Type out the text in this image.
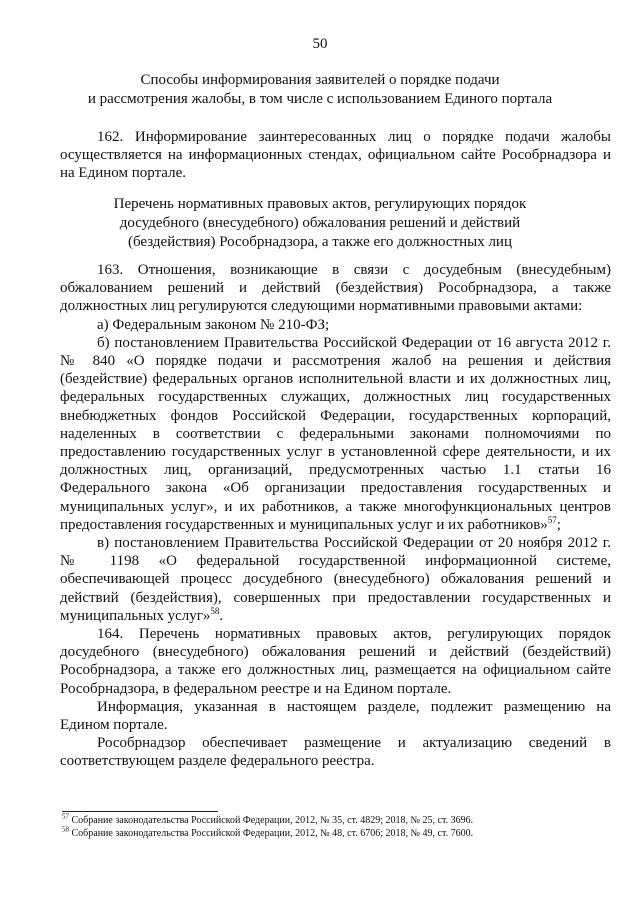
50
Способы информирования заявителей о порядке подачи
и рассмотрения жалобы, в том числе с использованием Единого портала

162. Информирование заинтересованных лиц о порядке подачи жалобы осуществляется на информационных стендах, официальном сайте Рособрнадзора и на Едином портале.

Перечень нормативных правовых актов, регулирующих порядок
досудебного (внесудебного) обжалования решений и действий
(бездействия) Рособрнадзора, а также его должностных лиц

163. Отношения, возникающие в связи с досудебным (внесудебным) обжалованием решений и действий (бездействия) Рособрнадзора, а также должностных лиц регулируются следующими нормативными правовыми актами:

а) Федеральным законом № 210-ФЗ;

б) постановлением Правительства Российской Федерации от 16 августа 2012 г. № 840 «О порядке подачи и рассмотрения жалоб на решения и действия (бездействие) федеральных органов исполнительной власти и их должностных лиц, федеральных государственных служащих, должностных лиц государственных внебюджетных фондов Российской Федерации, государственных корпораций, наделенных в соответствии с федеральными законами полномочиями по предоставлению государственных услуг в установленной сфере деятельности, и их должностных лиц, организаций, предусмотренных частью 1.1 статьи 16 Федерального закона «Об организации предоставления государственных и муниципальных услуг», и их работников, а также многофункциональных центров предоставления государственных и муниципальных услуг и их работников»$^{57}$;

в) постановлением Правительства Российской Федерации от 20 ноября 2012 г. № 1198 «О федеральной государственной информационной системе, обеспечивающей процесс досудебного (внесудебного) обжалования решений и действий (бездействия), совершенных при предоставлении государственных и муниципальных услуг»$^{58}$.

164. Перечень нормативных правовых актов, регулирующих порядок досудебного (внесудебного) обжалования решений и действий (бездействий) Рособрнадзора, а также его должностных лиц, размещается на официальном сайте Рособрнадзора, в федеральном реестре и на Едином портале.

Информация, указанная в настоящем разделе, подлежит размещению на Едином портале.

Рособрнадзор обеспечивает размещение и актуализацию сведений в соответствующем разделе федерального реестра.

$^{57}$ Собрание законодательства Российской Федерации, 2012, № 35, ст. 4829; 2018, № 25, ст. 3696.
$^{58}$ Собрание законодательства Российской Федерации, 2012, № 48, ст. 6706; 2018, № 49, ст. 7600.
